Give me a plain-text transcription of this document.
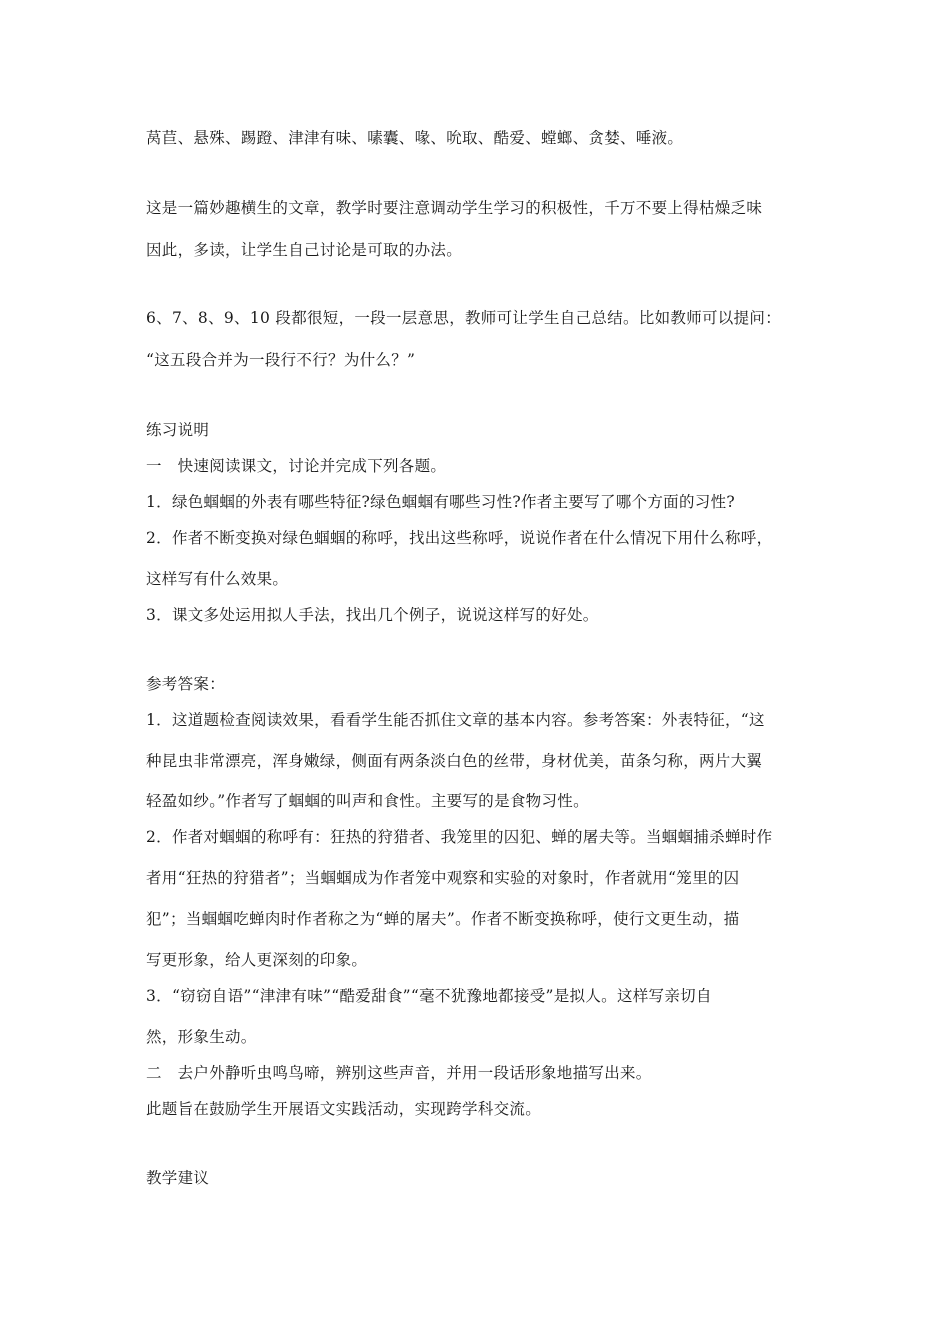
莴苣、悬殊、踢蹬、津津有味、嗉囊、喙、吮取、酷爱、螳螂、贪婪、唾液。
这是一篇妙趣横生的文章，教学时要注意调动学生学习的积极性，千万不要上得枯燥乏味
因此，多读，让学生自己讨论是可取的办法。
6、7、8、9、10 段都很短，一段一层意思，教师可让学生自己总结。比如教师可以提问：
“这五段合并为一段行不行？为什么？”
练习说明
一　快速阅读课文，讨论并完成下列各题。
1．绿色蝈蝈的外表有哪些特征?绿色蝈蝈有哪些习性?作者主要写了哪个方面的习性?
2．作者不断变换对绿色蝈蝈的称呼，找出这些称呼，说说作者在什么情况下用什么称呼，
这样写有什么效果。
3．课文多处运用拟人手法，找出几个例子，说说这样写的好处。
参考答案：
1．这道题检查阅读效果，看看学生能否抓住文章的基本内容。参考答案：外表特征，“这
种昆虫非常漂亮，浑身嫩绿，侧面有两条淡白色的丝带，身材优美，苗条匀称，两片大翼
轻盈如纱。”作者写了蝈蝈的叫声和食性。主要写的是食物习性。
2．作者对蝈蝈的称呼有：狂热的狩猎者、我笼里的囚犯、蝉的屠夫等。当蝈蝈捕杀蝉时作
者用“狂热的狩猎者”；当蝈蝈成为作者笼中观察和实验的对象时，作者就用“笼里的囚
犯”；当蝈蝈吃蝉肉时作者称之为“蝉的屠夫”。作者不断变换称呼，使行文更生动，描
写更形象，给人更深刻的印象。
3．“窃窃自语”“津津有味”“酷爱甜食”“毫不犹豫地都接受”是拟人。这样写亲切自
然，形象生动。
二　去户外静听虫鸣鸟啼，辨别这些声音，并用一段话形象地描写出来。
此题旨在鼓励学生开展语文实践活动，实现跨学科交流。
教学建议
